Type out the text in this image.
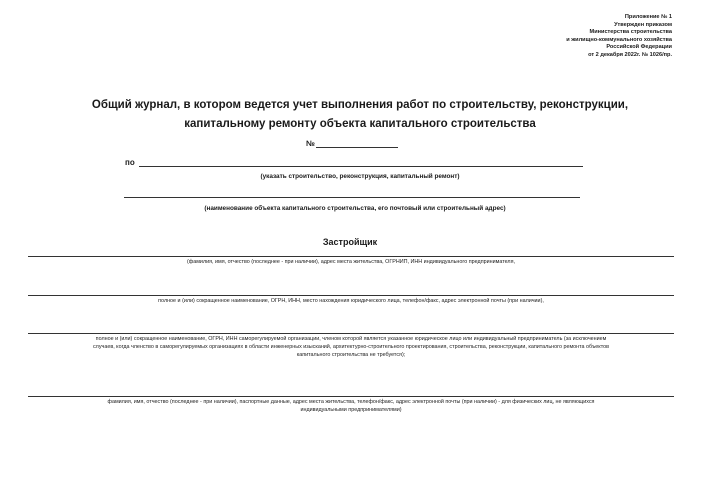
Приложение № 1
Утвержден приказом
Министерства строительства
и жилищно-коммунального хозяйства
Российской Федерации
от 2 декабря 2022г. № 1026/пр.
Общий журнал, в котором ведется учет выполнения работ по строительству, реконструкции,
капитальному ремонту объекта капитального строительства
№
по
(указать строительство, реконструкция, капитальный ремонт)
(наименование объекта капитального строительства, его почтовый или строительный адрес)
Застройщик
(фамилия, имя, отчество (последнее - при наличии), адрес места жительства, ОГРНИП, ИНН индивидуального предпринимателя,
полное и (или) сокращенное наименование, ОГРН, ИНН, место нахождения юридического лица, телефон/факс, адрес электронной почты (при наличии),
полное и (или) сокращенное наименование, ОГРН, ИНН саморегулируемой организации, членом которой является указанное юридическое лицо или индивидуальный предприниматель (за исключением
случаев, когда членство в саморегулируемых организациях в области инженерных изысканий, архитектурно-строительного проектирования, строительства, реконструкции, капитального ремонта объектов
капитального строительства не требуется);
фамилия, имя, отчество (последнее - при наличии), паспортные данные, адрес места жительства, телефон/факс, адрес электронной почты (при наличии) - для физических лиц, не являющихся
индивидуальными предпринимателями)
